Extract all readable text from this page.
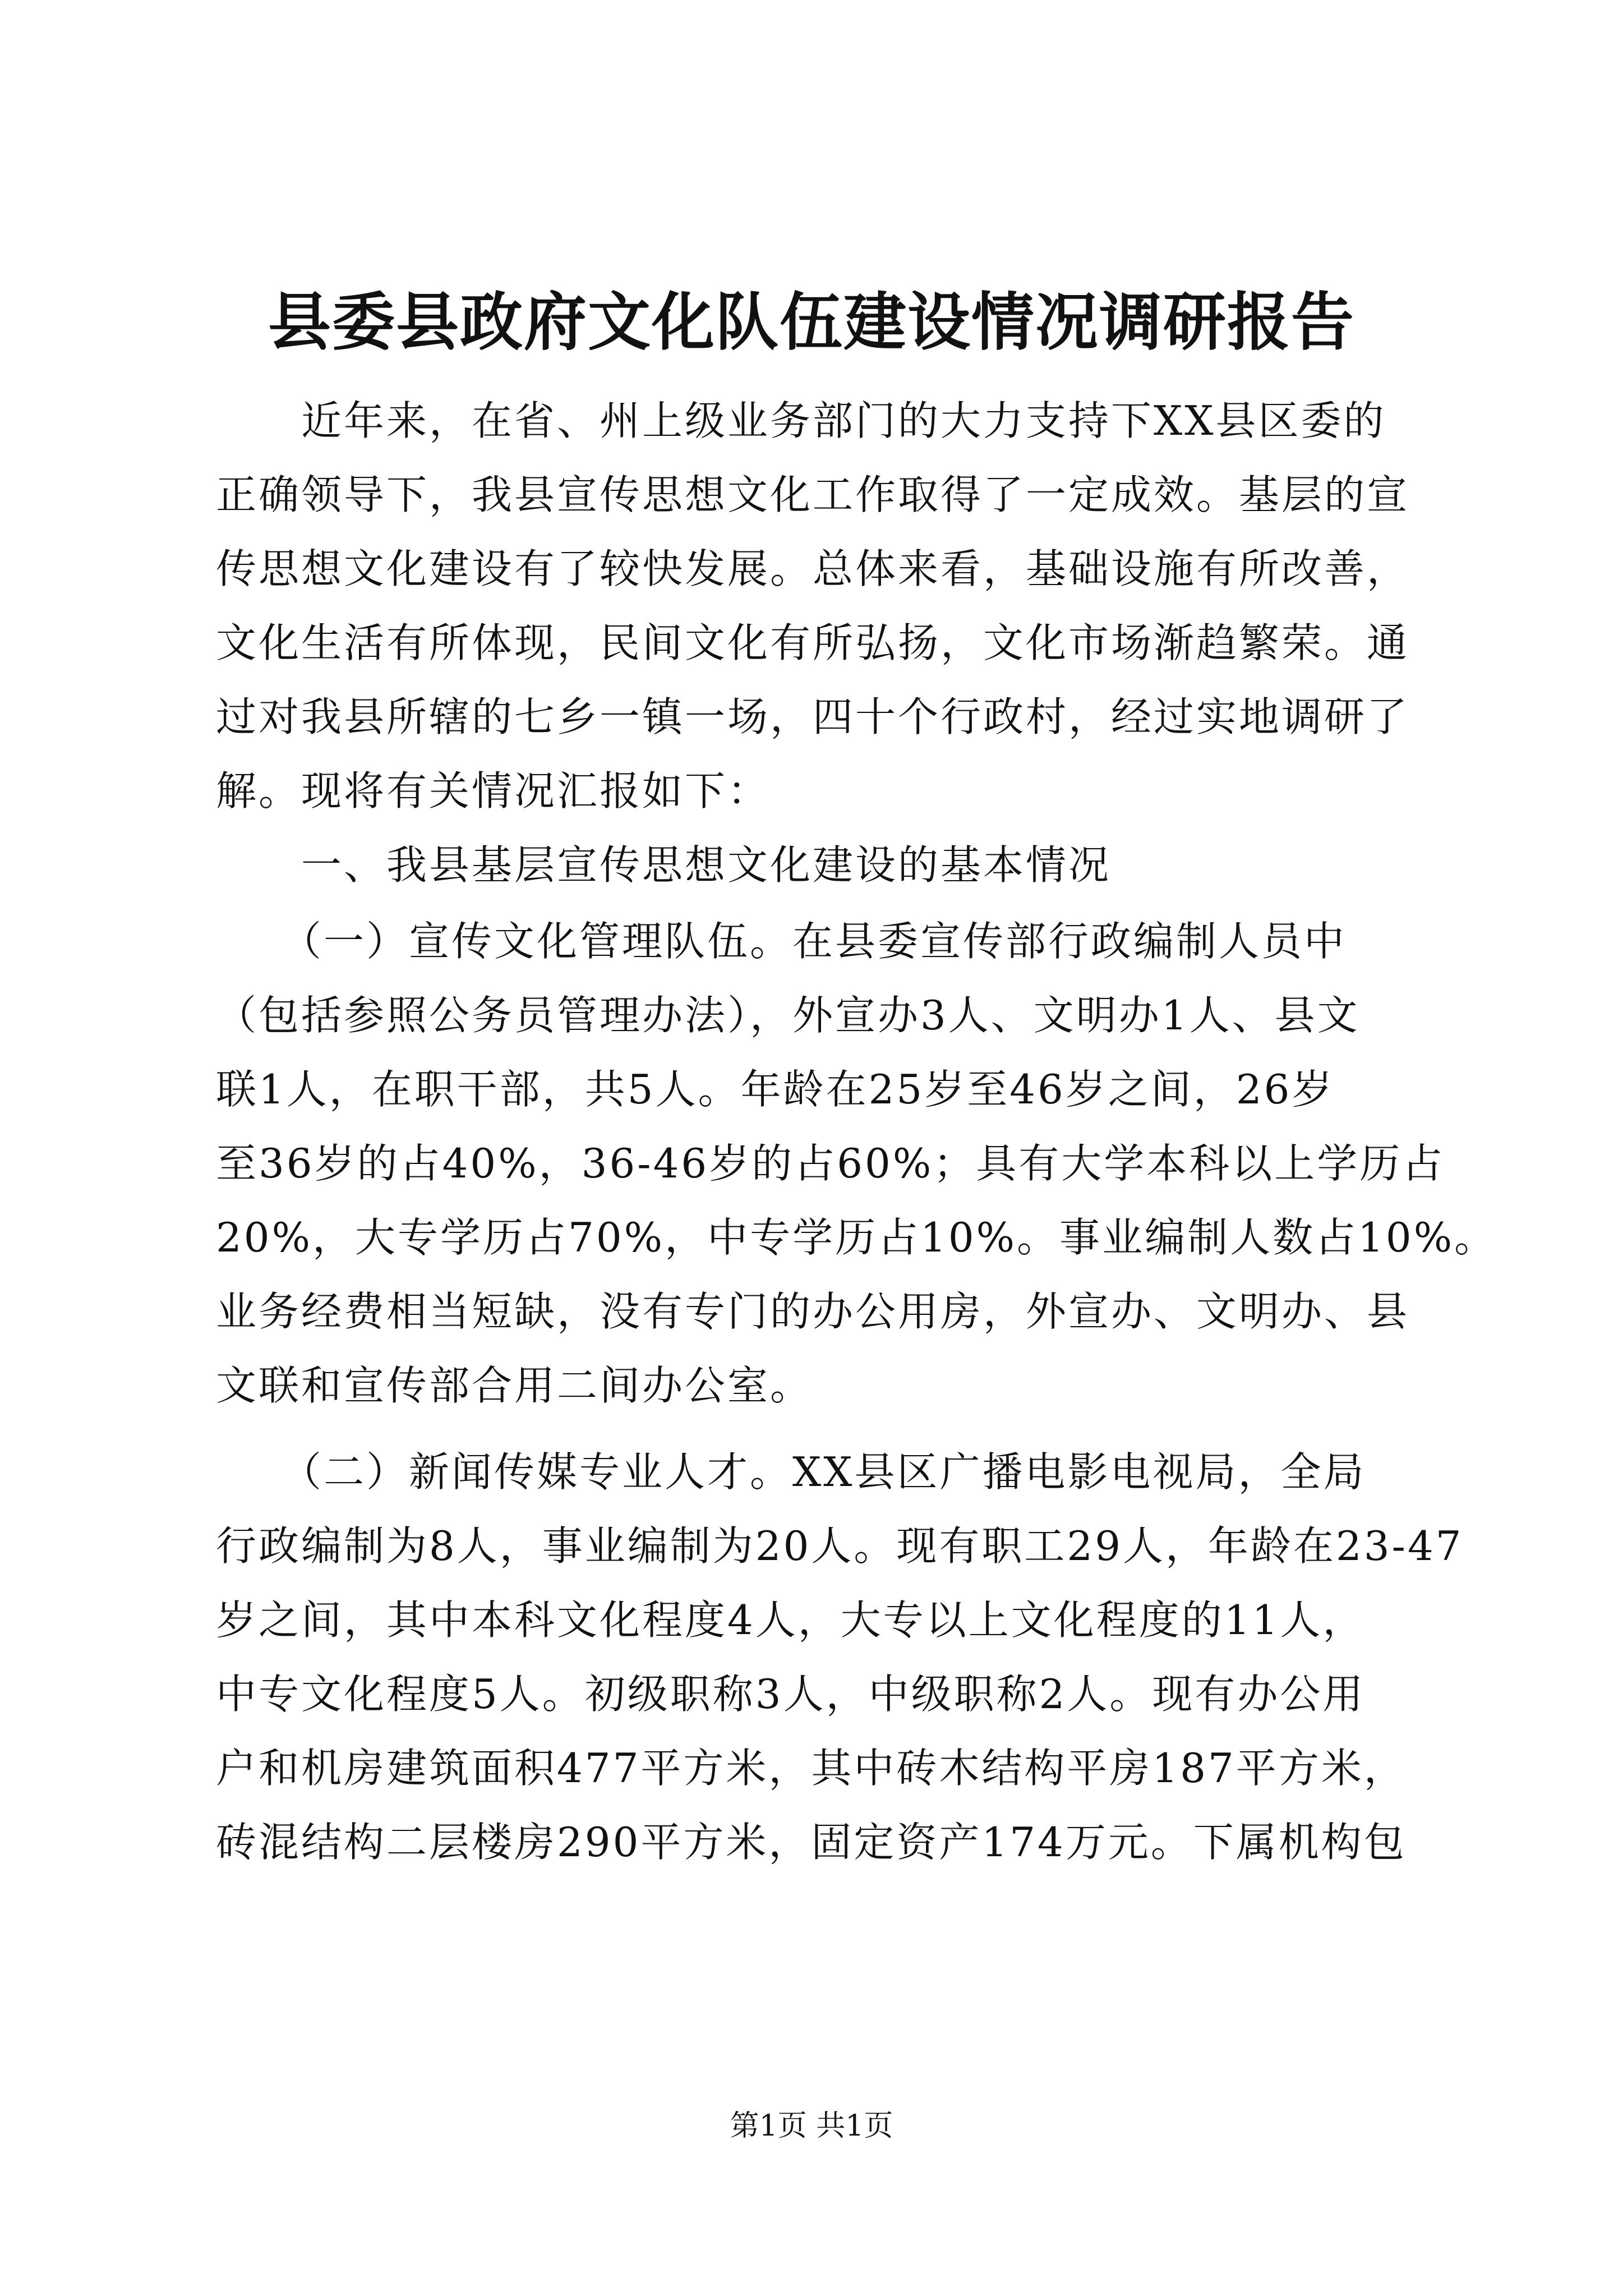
县委县政府文化队伍建设情况调研报告
　　近年来，在省、州上级业务部门的大力支持下XX县区委的
正确领导下，我县宣传思想文化工作取得了一定成效。基层的宣
传思想文化建设有了较快发展。总体来看，基础设施有所改善，
文化生活有所体现，民间文化有所弘扬，文化市场渐趋繁荣。通
过对我县所辖的七乡一镇一场，四十个行政村，经过实地调研了
解。现将有关情况汇报如下：
　　一、我县基层宣传思想文化建设的基本情况
　　（一）宣传文化管理队伍。在县委宣传部行政编制人员中
（包括参照公务员管理办法），外宣办3人、文明办1人、县文
联1人，在职干部，共5人。年龄在25岁至46岁之间，26岁
至36岁的占40%，36-46岁的占60%；具有大学本科以上学历占
20%，大专学历占70%，中专学历占10%。事业编制人数占10%。
业务经费相当短缺，没有专门的办公用房，外宣办、文明办、县
文联和宣传部合用二间办公室。
　　（二）新闻传媒专业人才。XX县区广播电影电视局，全局
行政编制为8人，事业编制为20人。现有职工29人，年龄在23-47
岁之间，其中本科文化程度4人，大专以上文化程度的11人，
中专文化程度5人。初级职称3人，中级职称2人。现有办公用
户和机房建筑面积477平方米，其中砖木结构平房187平方米，
砖混结构二层楼房290平方米，固定资产174万元。下属机构包
第1页 共1页
